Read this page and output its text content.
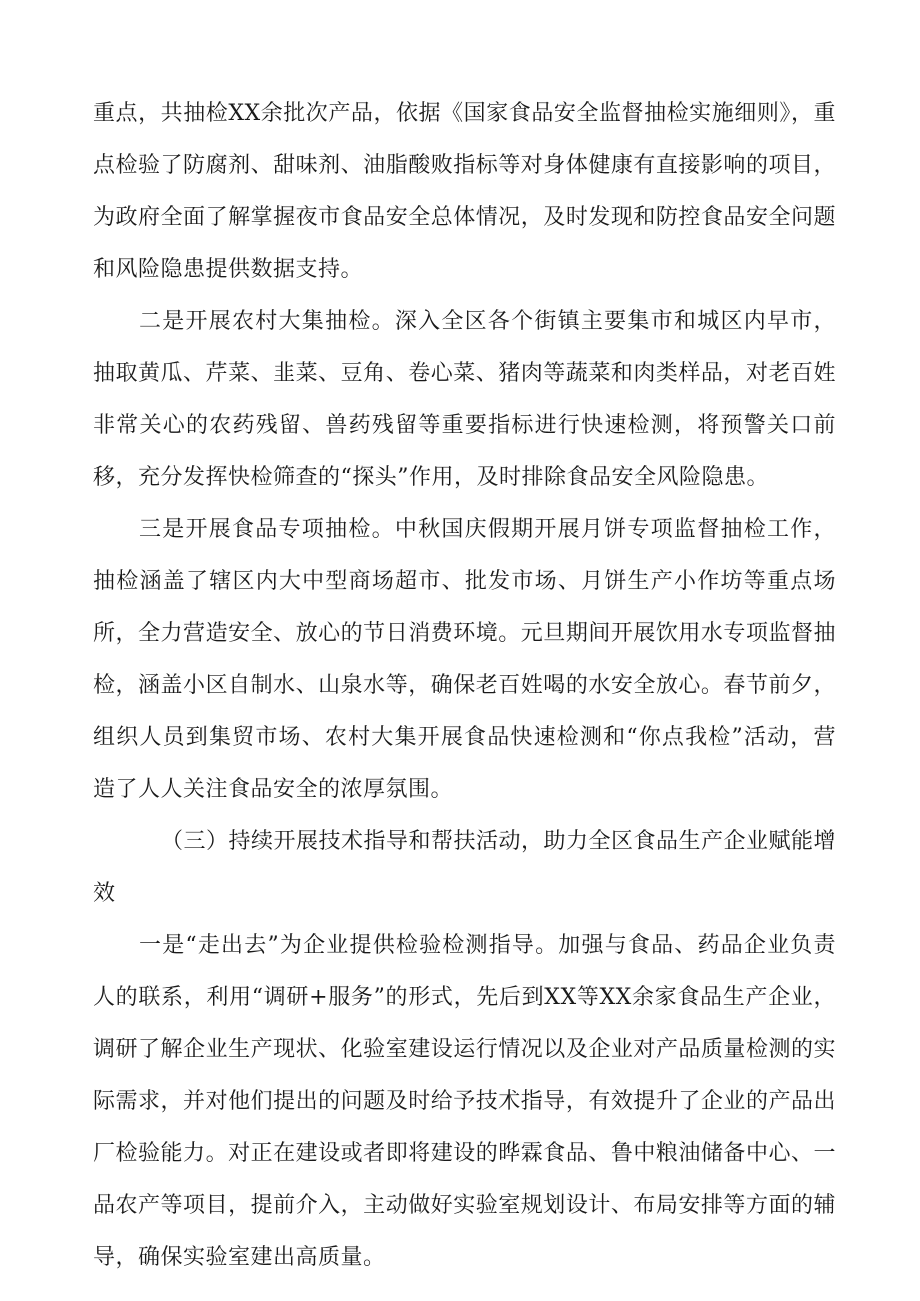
重点，共抽检XX余批次产品，依据《国家食品安全监督抽检实施细则》，重点检验了防腐剂、甜味剂、油脂酸败指标等对身体健康有直接影响的项目，为政府全面了解掌握夜市食品安全总体情况，及时发现和防控食品安全问题和风险隐患提供数据支持。

二是开展农村大集抽检。深入全区各个街镇主要集市和城区内早市，抽取黄瓜、芹菜、韭菜、豆角、卷心菜、猪肉等蔬菜和肉类样品，对老百姓非常关心的农药残留、兽药残留等重要指标进行快速检测，将预警关口前移，充分发挥快检筛查的“探头”作用，及时排除食品安全风险隐患。

三是开展食品专项抽检。中秋国庆假期开展月饼专项监督抽检工作，抽检涵盖了辖区内大中型商场超市、批发市场、月饼生产小作坊等重点场所，全力营造安全、放心的节日消费环境。元旦期间开展饮用水专项监督抽检，涵盖小区自制水、山泉水等，确保老百姓喝的水安全放心。春节前夕，组织人员到集贸市场、农村大集开展食品快速检测和“你点我检”活动，营造了人人关注食品安全的浓厚氛围。

（三）持续开展技术指导和帮扶活动，助力全区食品生产企业赋能增效

一是“走出去”为企业提供检验检测指导。加强与食品、药品企业负责人的联系，利用“调研+服务”的形式，先后到XX等XX余家食品生产企业，调研了解企业生产现状、化验室建设运行情况以及企业对产品质量检测的实际需求，并对他们提出的问题及时给予技术指导，有效提升了企业的产品出厂检验能力。对正在建设或者即将建设的晔霖食品、鲁中粮油储备中心、一品农产等项目，提前介入，主动做好实验室规划设计、布局安排等方面的辅导，确保实验室建出高质量。
